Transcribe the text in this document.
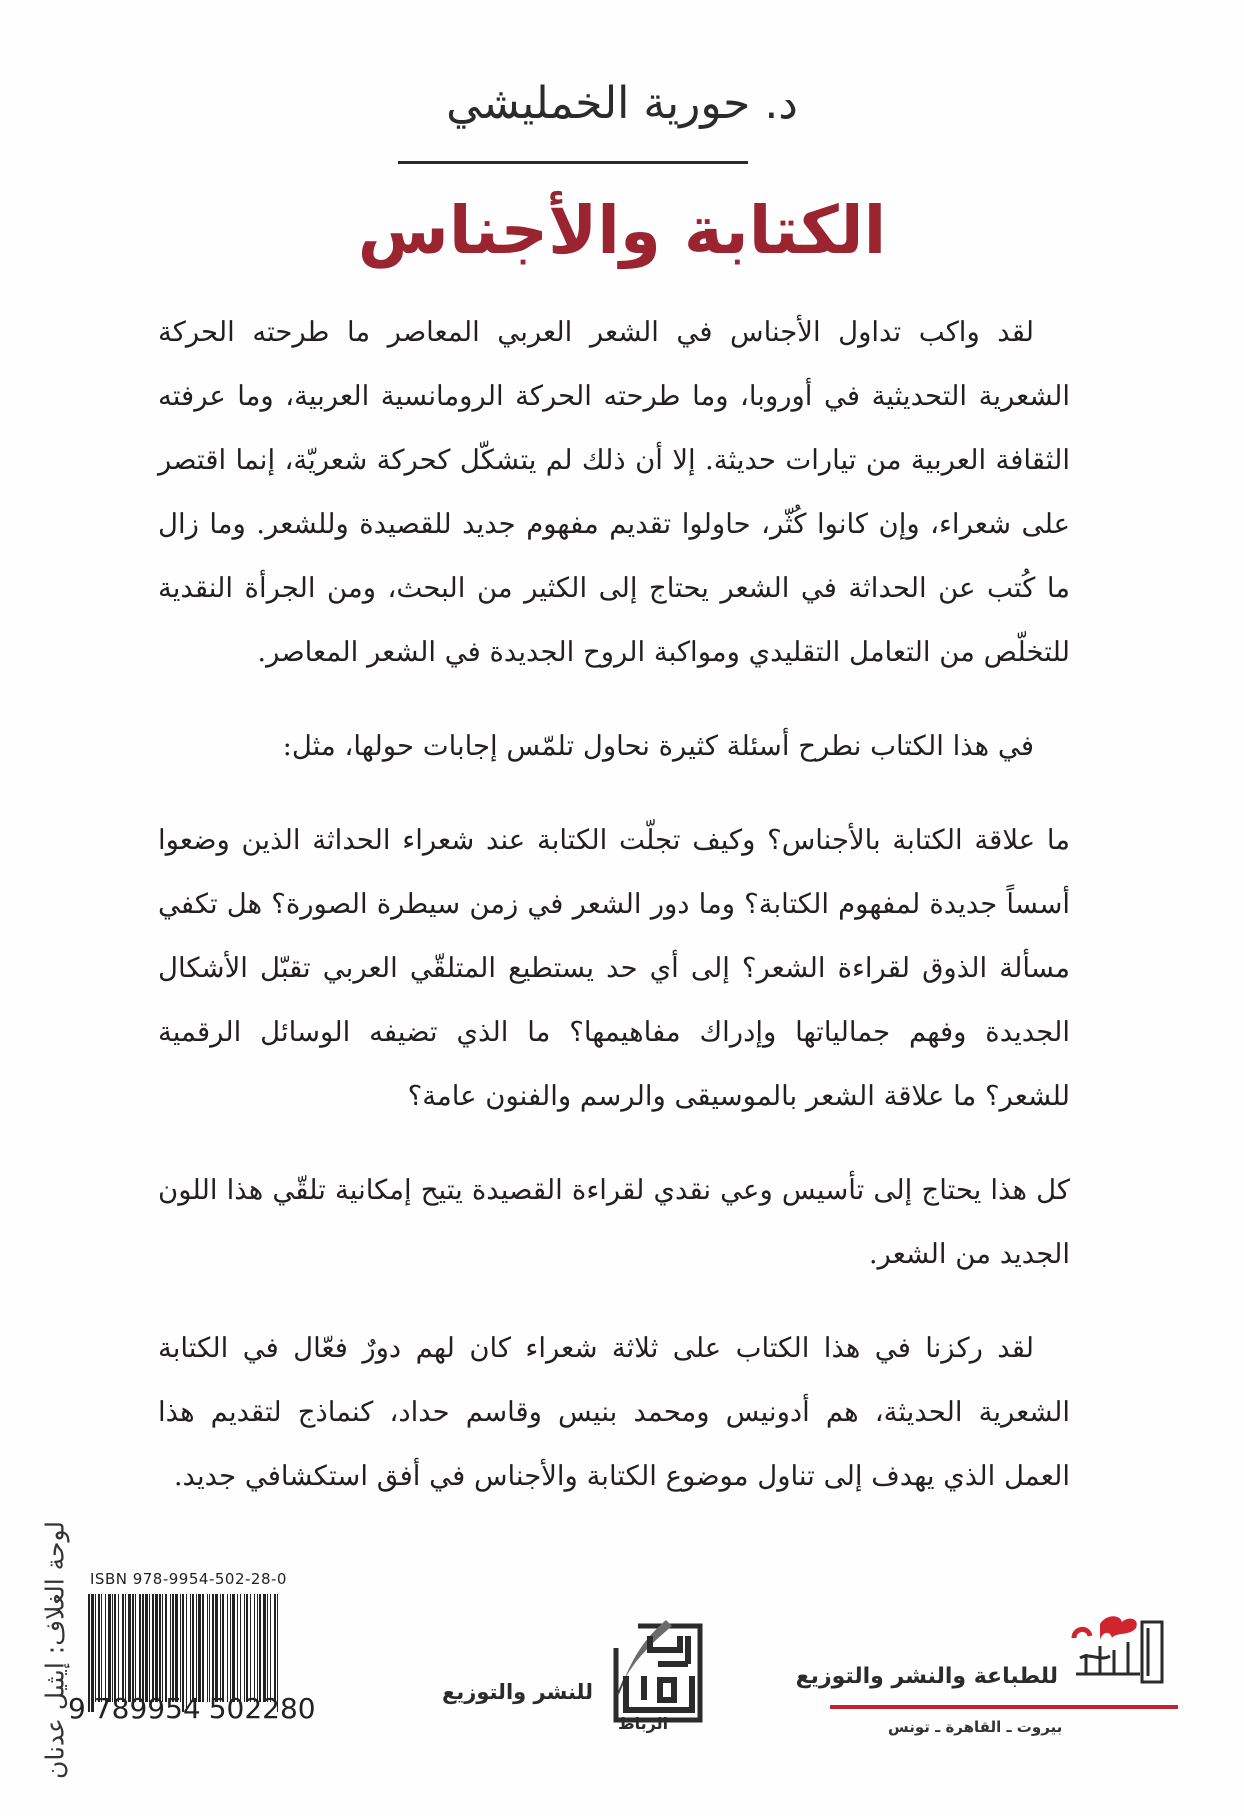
د. حورية الخمليشي
الكتابة والأجناس

لقد واكب تداول الأجناس في الشعر العربي المعاصر ما طرحته الحركة الشعرية التحديثية في أوروبا، وما طرحته الحركة الرومانسية العربية، وما عرفته الثقافة العربية من تيارات حديثة. إلا أن ذلك لم يتشكّل كحركة شعريّة، إنما اقتصر على شعراء، وإن كانوا كُثّر، حاولوا تقديم مفهوم جديد للقصيدة وللشعر. وما زال ما كُتب عن الحداثة في الشعر يحتاج إلى الكثير من البحث، ومن الجرأة النقدية للتخلّص من التعامل التقليدي ومواكبة الروح الجديدة في الشعر المعاصر.

في هذا الكتاب نطرح أسئلة كثيرة نحاول تلمّس إجابات حولها، مثل:

ما علاقة الكتابة بالأجناس؟ وكيف تجلّت الكتابة عند شعراء الحداثة الذين وضعوا أسساً جديدة لمفهوم الكتابة؟ وما دور الشعر في زمن سيطرة الصورة؟ هل تكفي مسألة الذوق لقراءة الشعر؟ إلى أي حد يستطيع المتلقّي العربي تقبّل الأشكال الجديدة وفهم جمالياتها وإدراك مفاهيمها؟ ما الذي تضيفه الوسائل الرقمية للشعر؟ ما علاقة الشعر بالموسيقى والرسم والفنون عامة؟

كل هذا يحتاج إلى تأسيس وعي نقدي لقراءة القصيدة يتيح إمكانية تلقّي هذا اللون الجديد من الشعر.

لقد ركزنا في هذا الكتاب على ثلاثة شعراء كان لهم دورٌ فعّال في الكتابة الشعرية الحديثة، هم أدونيس ومحمد بنيس وقاسم حداد، كنماذج لتقديم هذا العمل الذي يهدف إلى تناول موضوع الكتابة والأجناس في أفق استكشافي جديد.

لوحة الغلاف: إيثيل عدنان ISBN 978-9954-502-28-0
9 789954 502280	للنشر والتوزيع
الرباط
للطباعة والنشر والتوزيع
بيروت ـ القاهرة ـ تونس
